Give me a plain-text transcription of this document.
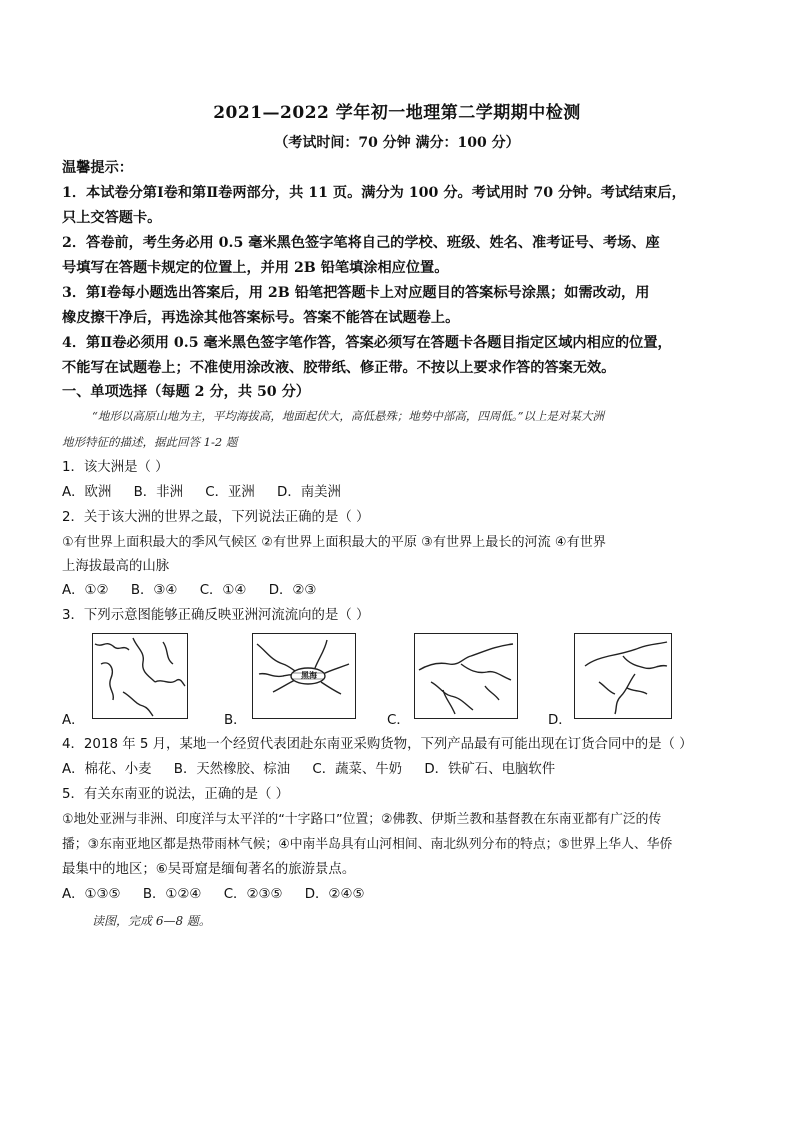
2021—2022 学年初一地理第二学期期中检测
（考试时间：70 分钟 满分：100 分）
温馨提示：
1．本试卷分第Ⅰ卷和第Ⅱ卷两部分，共 11 页。满分为 100 分。考试用时 70 分钟。考试结束后，
只上交答题卡。
2．答卷前，考生务必用 0.5 毫米黑色签字笔将自己的学校、班级、姓名、准考证号、考场、座
号填写在答题卡规定的位置上，并用 2B 铅笔填涂相应位置。
3．第Ⅰ卷每小题选出答案后，用 2B 铅笔把答题卡上对应题目的答案标号涂黑；如需改动，用
橡皮擦干净后，再选涂其他答案标号。答案不能答在试题卷上。
4．第Ⅱ卷必须用 0.5 毫米黑色签字笔作答，答案必须写在答题卡各题目指定区域内相应的位置，
不能写在试题卷上；不准使用涂改液、胶带纸、修正带。不按以上要求作答的答案无效。
一、单项选择（每题 2 分，共 50 分）
“地形以高原山地为主，平均海拔高，地面起伏大，高低悬殊；地势中部高，四周低。”以上是对某大洲
地形特征的描述，据此回答 1-2 题
1．该大洲是（ ）
A．欧洲 B．非洲 C．亚洲 D．南美洲
2．关于该大洲的世界之最，下列说法正确的是（ ）
①有世界上面积最大的季风气候区 ②有世界上面积最大的平原 ③有世界上最长的河流 ④有世界
上海拔最高的山脉
A．①② B．③④ C．①④ D．②③
3．下列示意图能够正确反映亚洲河流流向的是（ ）
A．	B．
黑海
C．	D．
4．2018 年 5 月，某地一个经贸代表团赴东南亚采购货物，下列产品最有可能出现在订货合同中的是（ ）
A．棉花、小麦 B．天然橡胶、棕油 C．蔬菜、牛奶 D．铁矿石、电脑软件
5．有关东南亚的说法，正确的是（ ）
①地处亚洲与非洲、印度洋与太平洋的“十字路口”位置；②佛教、伊斯兰教和基督教在东南亚都有广泛的传
播；③东南亚地区都是热带雨林气候；④中南半岛具有山河相间、南北纵列分布的特点；⑤世界上华人、华侨
最集中的地区；⑥吴哥窟是缅甸著名的旅游景点。
A．①③⑤ B．①②④ C．②③⑤ D．②④⑤
读图，完成 6—8 题。
